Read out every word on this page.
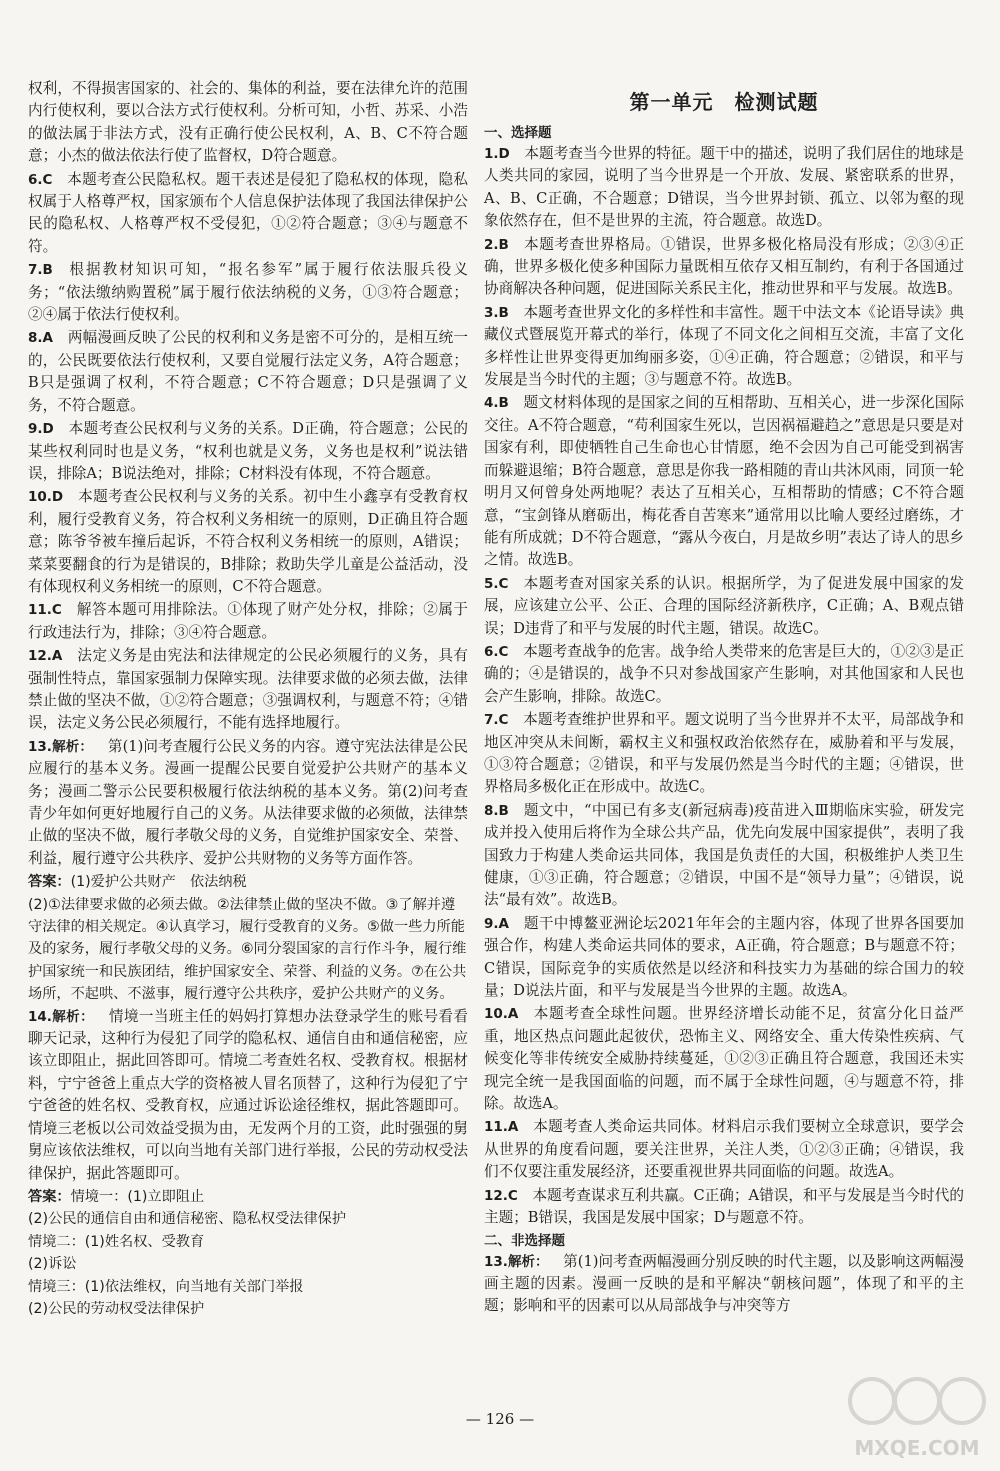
权利，不得损害国家的、社会的、集体的利益，要在法律允许的范围内行使权利，要以合法方式行使权利。分析可知，小哲、苏采、小浩的做法属于非法方式，没有正确行使公民权利，A、B、C不符合题意；小杰的做法依法行使了监督权，D符合题意。

6.C  本题考查公民隐私权。题干表述是侵犯了隐私权的体现，隐私权属于人格尊严权，国家颁布个人信息保护法体现了我国法律保护公民的隐私权、人格尊严权不受侵犯，①②符合题意；③④与题意不符。

7.B  根据教材知识可知，“报名参军”属于履行依法服兵役义务；“依法缴纳购置税”属于履行依法纳税的义务，①③符合题意；②④属于依法行使权利。

8.A  两幅漫画反映了公民的权利和义务是密不可分的，是相互统一的，公民既要依法行使权利，又要自觉履行法定义务，A符合题意；B只是强调了权利，不符合题意；C不符合题意；D只是强调了义务，不符合题意。

9.D  本题考查公民权利与义务的关系。D正确，符合题意；公民的某些权利同时也是义务，“权利也就是义务，义务也是权利”说法错误，排除A；B说法绝对，排除；C材料没有体现，不符合题意。

10.D  本题考查公民权利与义务的关系。初中生小鑫享有受教育权利，履行受教育义务，符合权利义务相统一的原则，D正确且符合题意；陈爷爷被车撞后起诉，不符合权利义务相统一的原则，A错误；菜菜要翻食的行为是错误的，B排除；救助失学儿童是公益活动，没有体现权利义务相统一的原则，C不符合题意。

11.C  解答本题可用排除法。①体现了财产处分权，排除；②属于行政违法行为，排除；③④符合题意。

12.A  法定义务是由宪法和法律规定的公民必须履行的义务，具有强制性特点，靠国家强制力保障实现。法律要求做的必须去做，法律禁止做的坚决不做，①②符合题意；③强调权利，与题意不符；④错误，法定义务公民必须履行，不能有选择地履行。

13.解析：  第(1)问考查履行公民义务的内容。遵守宪法法律是公民应履行的基本义务。漫画一提醒公民要自觉爱护公共财产的基本义务；漫画二警示公民要积极履行依法纳税的基本义务。第(2)问考查青少年如何更好地履行自己的义务。从法律要求做的必须做，法律禁止做的坚决不做，履行孝敬父母的义务，自觉维护国家安全、荣誉、利益，履行遵守公共秩序、爱护公共财物的义务等方面作答。

答案：(1)爱护公共财产　依法纳税

(2)①法律要求做的必须去做。②法律禁止做的坚决不做。③了解并遵守法律的相关规定。④认真学习，履行受教育的义务。⑤做一些力所能及的家务，履行孝敬父母的义务。⑥同分裂国家的言行作斗争，履行维护国家统一和民族团结，维护国家安全、荣誉、利益的义务。⑦在公共场所，不起哄、不滋事，履行遵守公共秩序，爱护公共财产的义务。

14.解析：  情境一当班主任的妈妈打算想办法登录学生的账号看看聊天记录，这种行为侵犯了同学的隐私权、通信自由和通信秘密，应该立即阻止，据此回答即可。情境二考查姓名权、受教育权。根据材料，宁宁爸爸上重点大学的资格被人冒名顶替了，这种行为侵犯了宁宁爸爸的姓名权、受教育权，应通过诉讼途径维权，据此答题即可。情境三老板以公司效益受损为由，无发两个月的工资，此时强强的舅舅应该依法维权，可以向当地有关部门进行举报，公民的劳动权受法律保护，据此答题即可。

答案：情境一：(1)立即阻止

(2)公民的通信自由和通信秘密、隐私权受法律保护

情境二：(1)姓名权、受教育

(2)诉讼

情境三：(1)依法维权，向当地有关部门举报

(2)公民的劳动权受法律保护

第一单元　检测试题
一、选择题

1.D  本题考查当今世界的特征。题干中的描述，说明了我们居住的地球是人类共同的家园，说明了当今世界是一个开放、发展、紧密联系的世界，A、B、C正确，不合题意；D错误，当今世界封锁、孤立、以邻为壑的现象依然存在，但不是世界的主流，符合题意。故选D。

2.B  本题考查世界格局。①错误，世界多极化格局没有形成；②③④正确，世界多极化使多种国际力量既相互依存又相互制约，有利于各国通过协商解决各种问题，促进国际关系民主化，推动世界和平与发展。故选B。

3.B  本题考查世界文化的多样性和丰富性。题干中法文本《论语导读》典藏仪式暨展览开幕式的举行，体现了不同文化之间相互交流，丰富了文化多样性让世界变得更加绚丽多姿，①④正确，符合题意；②错误，和平与发展是当今时代的主题；③与题意不符。故选B。

4.B  题文材料体现的是国家之间的互相帮助、互相关心，进一步深化国际交往。A不符合题意，“苟利国家生死以，岂因祸福避趋之”意思是只要是对国家有利，即使牺牲自己生命也心甘情愿，绝不会因为自己可能受到祸害而躲避退缩；B符合题意，意思是你我一路相随的青山共沐风雨，同顶一轮明月又何曾身处两地呢？表达了互相关心，互相帮助的情感；C不符合题意，“宝剑锋从磨砺出，梅花香自苦寒来”通常用以比喻人要经过磨练，才能有所成就；D不符合题意，“露从今夜白，月是故乡明”表达了诗人的思乡之情。故选B。

5.C  本题考查对国家关系的认识。根据所学，为了促进发展中国家的发展，应该建立公平、公正、合理的国际经济新秩序，C正确；A、B观点错误；D违背了和平与发展的时代主题，错误。故选C。

6.C  本题考查战争的危害。战争给人类带来的危害是巨大的，①②③是正确的；④是错误的，战争不只对参战国家产生影响，对其他国家和人民也会产生影响，排除。故选C。

7.C  本题考查维护世界和平。题文说明了当今世界并不太平，局部战争和地区冲突从未间断，霸权主义和强权政治依然存在，威胁着和平与发展，①③符合题意；②错误，和平与发展仍然是当今时代的主题；④错误，世界格局多极化正在形成中。故选C。

8.B  题文中，“中国已有多支(新冠病毒)疫苗进入Ⅲ期临床实验，研发完成并投入使用后将作为全球公共产品，优先向发展中国家提供”，表明了我国致力于构建人类命运共同体，我国是负责任的大国，积极维护人类卫生健康，①③正确，符合题意；②错误，中国不是“领导力量”；④错误，说法“最有效”。故选B。

9.A  题干中博鳌亚洲论坛2021年年会的主题内容，体现了世界各国要加强合作，构建人类命运共同体的要求，A正确，符合题意；B与题意不符；C错误，国际竞争的实质依然是以经济和科技实力为基础的综合国力的较量；D说法片面，和平与发展是当今世界的主题。故选A。

10.A  本题考查全球性问题。世界经济增长动能不足，贫富分化日益严重，地区热点问题此起彼伏，恐怖主义、网络安全、重大传染性疾病、气候变化等非传统安全威胁持续蔓延，①②③正确且符合题意，我国还未实现完全统一是我国面临的问题，而不属于全球性问题，④与题意不符，排除。故选A。

11.A  本题考查人类命运共同体。材料启示我们要树立全球意识，要学会从世界的角度看问题，要关注世界，关注人类，①②③正确；④错误，我们不仅要注重发展经济，还要重视世界共同面临的问题。故选A。

12.C  本题考查谋求互利共赢。C正确；A错误，和平与发展是当今时代的主题；B错误，我国是发展中国家；D与题意不符。

二、非选择题

13.解析：  第(1)问考查两幅漫画分别反映的时代主题，以及影响这两幅漫画主题的因素。漫画一反映的是和平解决“朝核问题”，体现了和平的主题；影响和平的因素可以从局部战争与冲突等方

— 126 —
MXQE.COM
